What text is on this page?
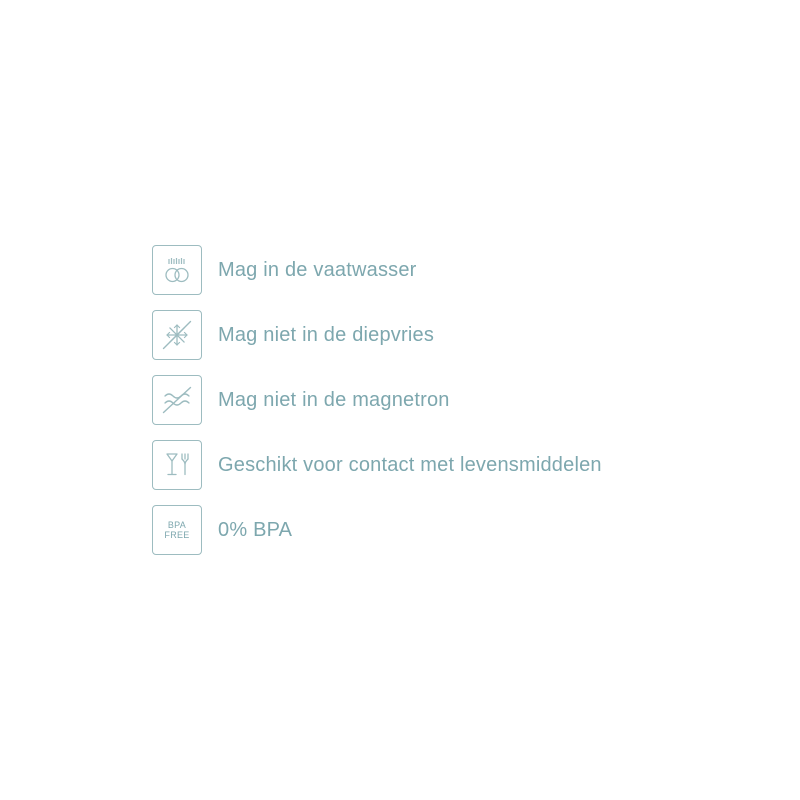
Mag in de vaatwasser
Mag niet in de diepvries
Mag niet in de magnetron
Geschikt voor contact met levensmiddelen
BPA
FREE 0% BPA
